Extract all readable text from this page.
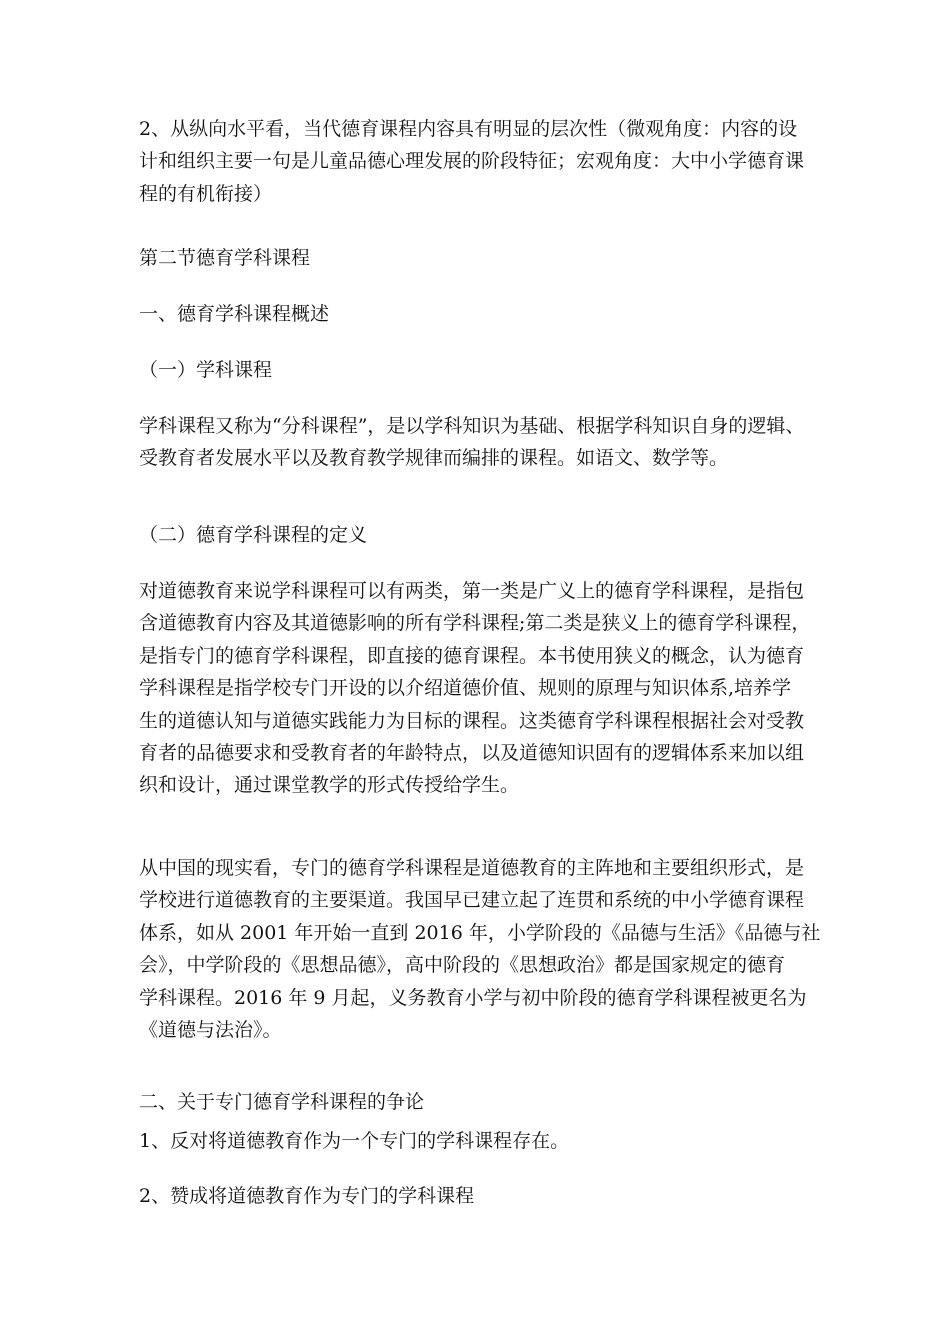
2、从纵向水平看，当代德育课程内容具有明显的层次性（微观角度：内容的设
计和组织主要一句是儿童品德心理发展的阶段特征；宏观角度：大中小学德育课
程的有机衔接）
第二节德育学科课程
一、德育学科课程概述
（一）学科课程
学科课程又称为“分科课程”，是以学科知识为基础、根据学科知识自身的逻辑、
受教育者发展水平以及教育教学规律而编排的课程。如语文、数学等。
（二）德育学科课程的定义
对道德教育来说学科课程可以有两类，第一类是广义上的德育学科课程，是指包
含道德教育内容及其道德影响的所有学科课程;第二类是狭义上的德育学科课程，
是指专门的德育学科课程，即直接的德育课程。本书使用狭义的概念，认为德育
学科课程是指学校专门开设的以介绍道德价值、规则的原理与知识体系,培养学
生的道德认知与道德实践能力为目标的课程。这类德育学科课程根据社会对受教
育者的品德要求和受教育者的年龄特点，以及道德知识固有的逻辑体系来加以组
织和设计，通过课堂教学的形式传授给学生。
从中国的现实看，专门的德育学科课程是道德教育的主阵地和主要组织形式，是
学校进行道德教育的主要渠道。我国早已建立起了连贯和系统的中小学德育课程
体系，如从 2001 年开始一直到 2016 年，小学阶段的《品德与生活》《品德与社
会》，中学阶段的《思想品德》，高中阶段的《思想政治》都是国家规定的德育
学科课程。2016 年 9 月起，义务教育小学与初中阶段的德育学科课程被更名为
《道德与法治》。
二、关于专门德育学科课程的争论
1、反对将道德教育作为一个专门的学科课程存在。
2、赞成将道德教育作为专门的学科课程
